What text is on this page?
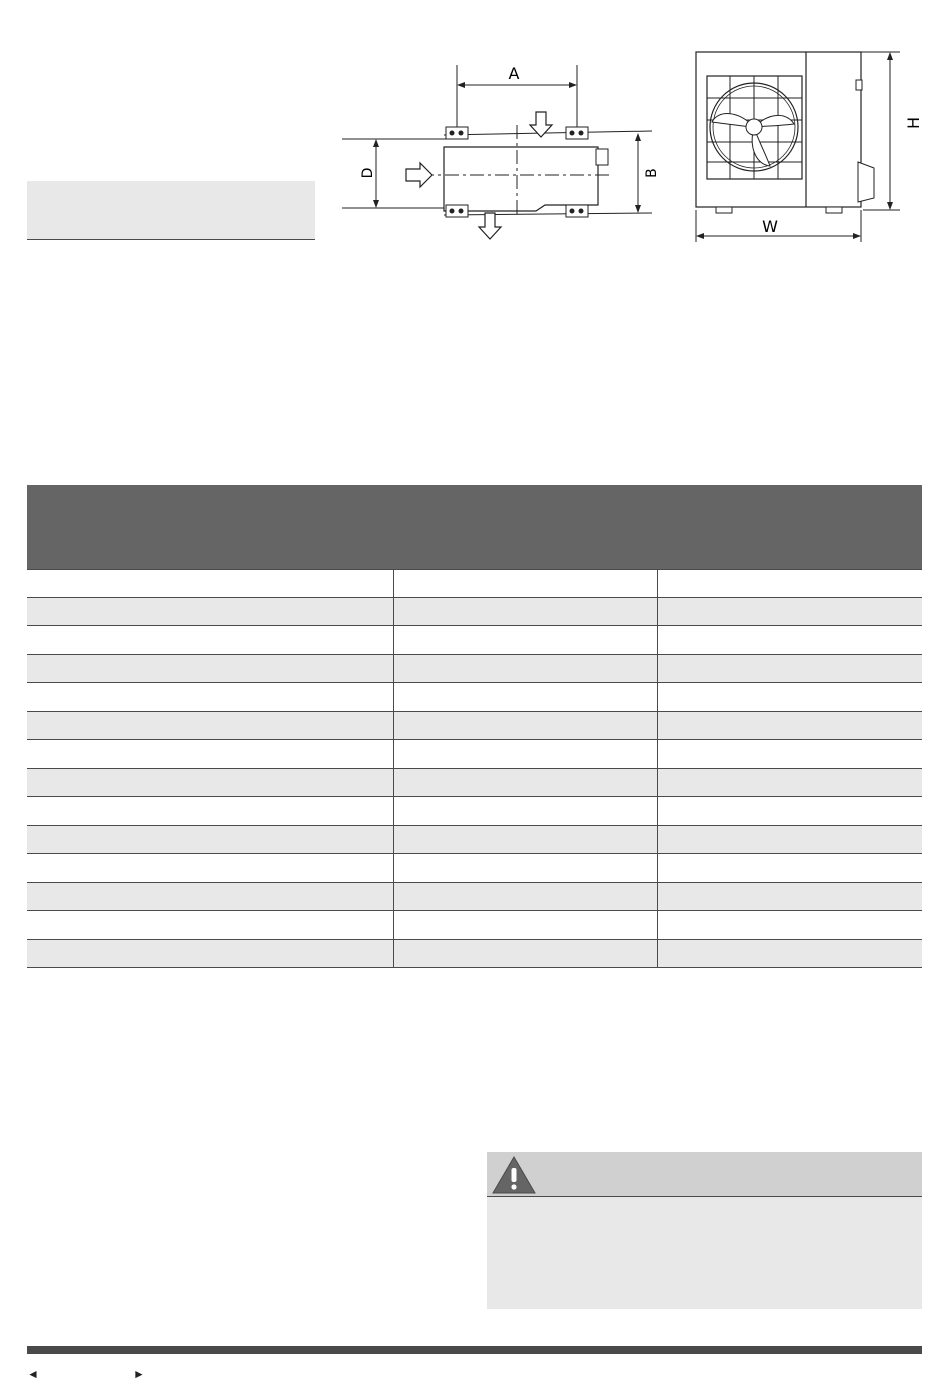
A
D	B
W
H
◄	►
